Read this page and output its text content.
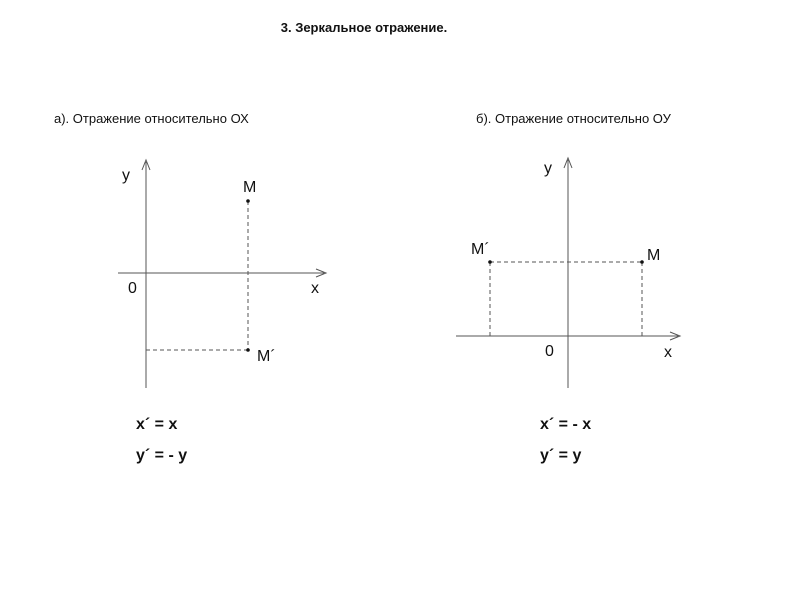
3. Зеркальное отражение.
а). Отражение относительно ОХ	б). Отражение относительно ОУ
у
х
0
М
М´
у
х
0
М
М´
х´ = х
у´ = - у
х´ = - х
у´ = у
